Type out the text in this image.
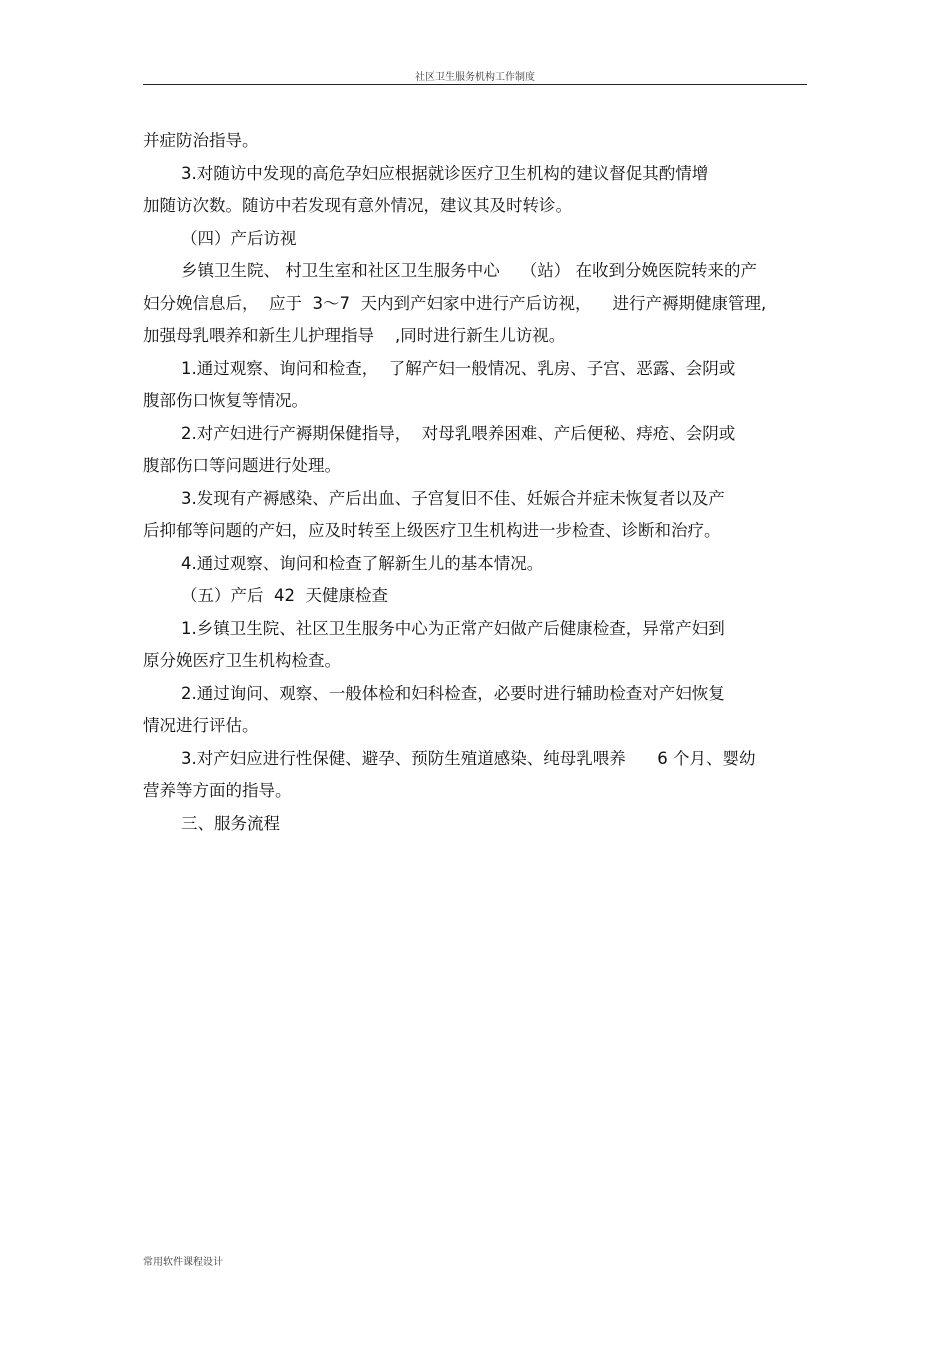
社区卫生服务机构工作制度
并症防治指导。
3.对随访中发现的高危孕妇应根据就诊医疗卫生机构的建议督促其酌情增
加随访次数。随访中若发现有意外情况，建议其及时转诊。
（四）产后访视
乡镇卫生院、 村卫生室和社区卫生服务中心    （站） 在收到分娩医院转来的产
妇分娩信息后，  应于  3～7  天内到产妇家中进行产后访视，    进行产褥期健康管理,
加强母乳喂养和新生儿护理指导    ,同时进行新生儿访视。
1.通过观察、询问和检查，  了解产妇一般情况、乳房、子宫、恶露、会阴或
腹部伤口恢复等情况。
2.对产妇进行产褥期保健指导，  对母乳喂养困难、产后便秘、痔疮、会阴或
腹部伤口等问题进行处理。
3.发现有产褥感染、产后出血、子宫复旧不佳、妊娠合并症未恢复者以及产
后抑郁等问题的产妇，应及时转至上级医疗卫生机构进一步检查、诊断和治疗。
4.通过观察、询问和检查了解新生儿的基本情况。
（五）产后  42  天健康检查
1.乡镇卫生院、社区卫生服务中心为正常产妇做产后健康检查，异常产妇到
原分娩医疗卫生机构检查。
2.通过询问、观察、一般体检和妇科检查，必要时进行辅助检查对产妇恢复
情况进行评估。
3.对产妇应进行性保健、避孕、预防生殖道感染、纯母乳喂养      6 个月、婴幼
营养等方面的指导。
三、服务流程
常用软件课程设计
